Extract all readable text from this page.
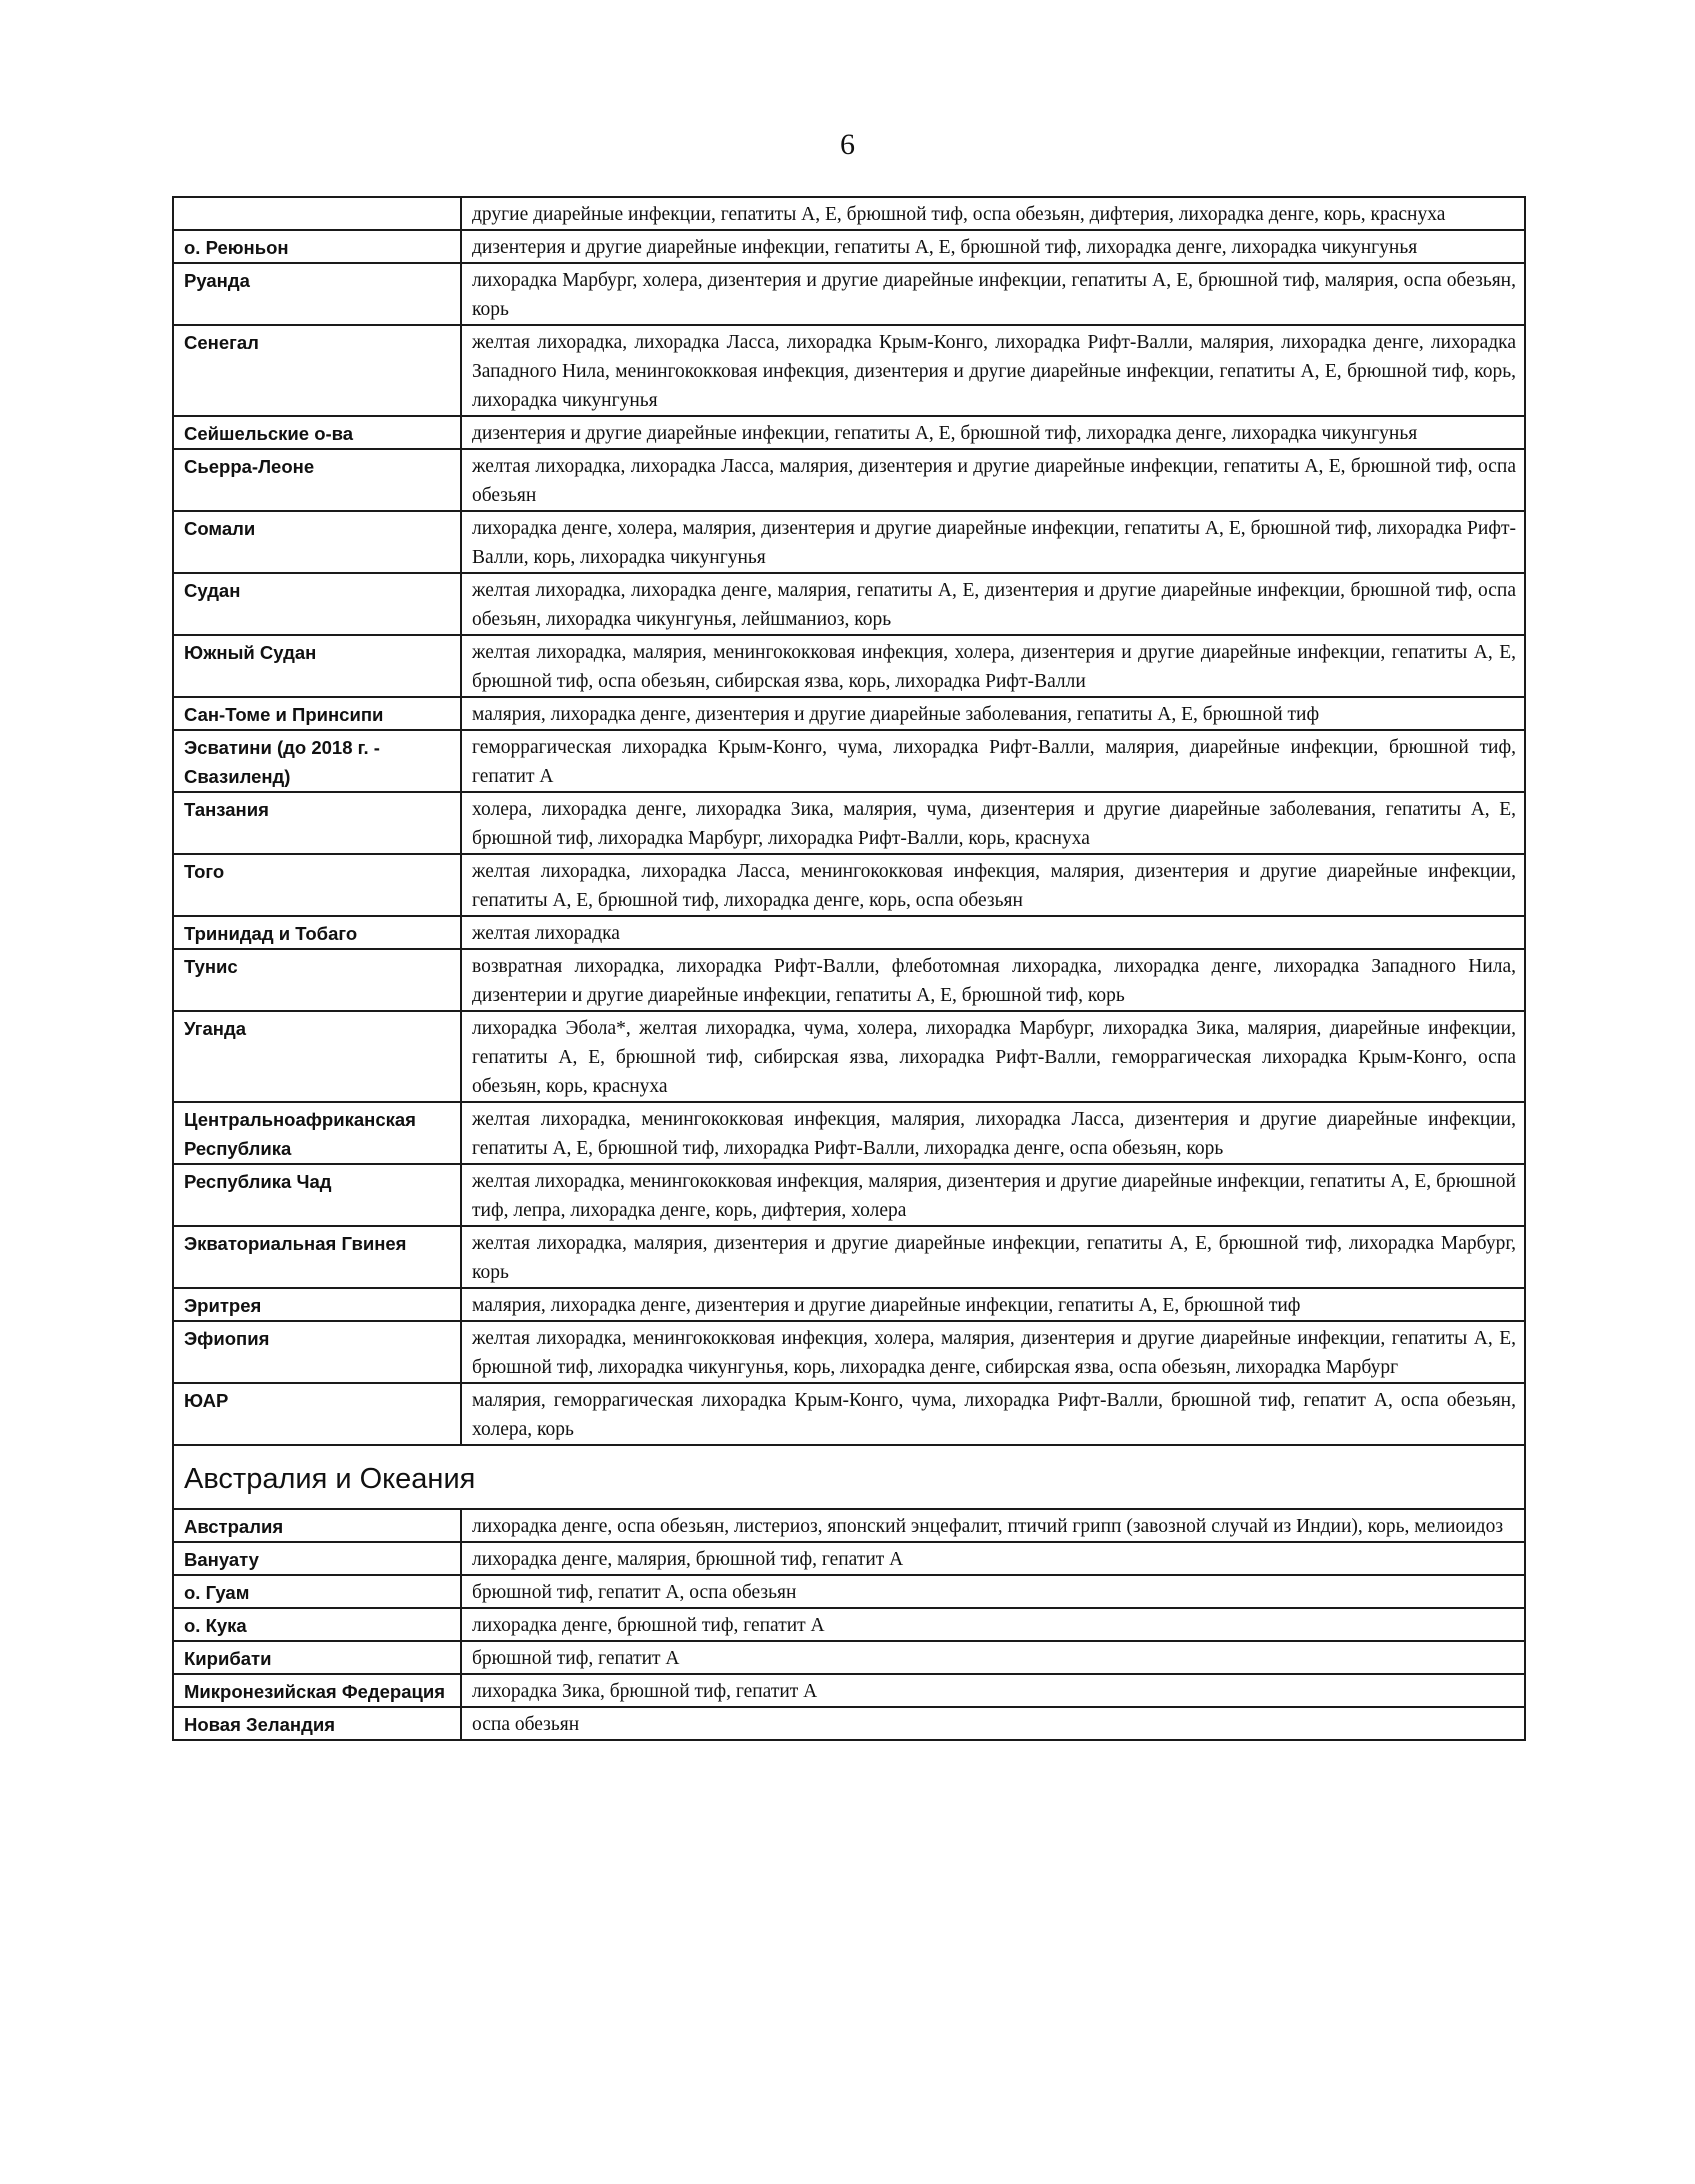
6
	другие диарейные инфекции, гепатиты А, Е, брюшной тиф, оспа обезьян, дифтерия, лихорадка денге, корь, краснуха
о. Реюньон	дизентерия и другие диарейные инфекции, гепатиты А, Е, брюшной тиф, лихорадка денге, лихорадка чикунгунья
Руанда	лихорадка Марбург, холера, дизентерия и другие диарейные инфекции, гепатиты А, Е, брюшной тиф, малярия, оспа обезьян, корь
Сенегал	желтая лихорадка, лихорадка Ласса, лихорадка Крым-Конго, лихорадка Рифт-Валли, малярия, лихорадка денге, лихорадка Западного Нила, менингококковая инфекция, дизентерия и другие диарейные инфекции, гепатиты А, Е, брюшной тиф, корь, лихорадка чикунгунья
Сейшельские о-ва	дизентерия и другие диарейные инфекции, гепатиты А, Е, брюшной тиф, лихорадка денге, лихорадка чикунгунья
Сьерра-Леоне	желтая лихорадка, лихорадка Ласса, малярия, дизентерия и другие диарейные инфекции, гепатиты А, Е, брюшной тиф, оспа обезьян
Сомали	лихорадка денге, холера, малярия, дизентерия и другие диарейные инфекции, гепатиты А, Е, брюшной тиф, лихорадка Рифт-Валли, корь, лихорадка чикунгунья
Судан	желтая лихорадка, лихорадка денге, малярия, гепатиты А, Е, дизентерия и другие диарейные инфекции, брюшной тиф, оспа обезьян, лихорадка чикунгунья, лейшманиоз, корь
Южный Судан	желтая лихорадка, малярия, менингококковая инфекция, холера, дизентерия и другие диарейные инфекции, гепатиты А, Е, брюшной тиф, оспа обезьян, сибирская язва, корь, лихорадка Рифт-Валли
Сан-Томе и Принсипи	малярия, лихорадка денге, дизентерия и другие диарейные заболевания, гепатиты А, Е, брюшной тиф
Эсватини (до 2018 г. - Свазиленд)	геморрагическая лихорадка Крым-Конго, чума, лихорадка Рифт-Валли, малярия, диарейные инфекции, брюшной тиф, гепатит А
Танзания	холера, лихорадка денге, лихорадка Зика, малярия, чума, дизентерия и другие диарейные заболевания, гепатиты А, Е, брюшной тиф, лихорадка Марбург, лихорадка Рифт-Валли, корь, краснуха
Того	желтая лихорадка, лихорадка Ласса, менингококковая инфекция, малярия, дизентерия и другие диарейные инфекции, гепатиты А, Е, брюшной тиф, лихорадка денге, корь, оспа обезьян
Тринидад и Тобаго	желтая лихорадка
Тунис	возвратная лихорадка, лихорадка Рифт-Валли, флеботомная лихорадка, лихорадка денге, лихорадка Западного Нила, дизентерии и другие диарейные инфекции, гепатиты А, Е, брюшной тиф, корь
Уганда	лихорадка Эбола*, желтая лихорадка, чума, холера, лихорадка Марбург, лихорадка Зика, малярия, диарейные инфекции, гепатиты А, Е, брюшной тиф, сибирская язва, лихорадка Рифт-Валли, геморрагическая лихорадка Крым-Конго, оспа обезьян, корь, краснуха
Центральноафриканская Республика	желтая лихорадка, менингококковая инфекция, малярия, лихорадка Ласса, дизентерия и другие диарейные инфекции, гепатиты А, Е, брюшной тиф, лихорадка Рифт-Валли, лихорадка денге, оспа обезьян, корь
Республика Чад	желтая лихорадка, менингококковая инфекция, малярия, дизентерия и другие диарейные инфекции, гепатиты А, Е, брюшной тиф, лепра, лихорадка денге, корь, дифтерия, холера
Экваториальная Гвинея	желтая лихорадка, малярия, дизентерия и другие диарейные инфекции, гепатиты А, Е, брюшной тиф, лихорадка Марбург, корь
Эритрея	малярия, лихорадка денге, дизентерия и другие диарейные инфекции, гепатиты А, Е, брюшной тиф
Эфиопия	желтая лихорадка, менингококковая инфекция, холера, малярия, дизентерия и другие диарейные инфекции, гепатиты А, Е, брюшной тиф, лихорадка чикунгунья, корь, лихорадка денге, сибирская язва, оспа обезьян, лихорадка Марбург
ЮАР	малярия, геморрагическая лихорадка Крым-Конго, чума, лихорадка Рифт-Валли, брюшной тиф, гепатит А, оспа обезьян, холера, корь
Австралия и Океания	
Австралия	лихорадка денге, оспа обезьян, листериоз, японский энцефалит, птичий грипп (завозной случай из Индии), корь, мелиоидоз
Вануату	лихорадка денге, малярия, брюшной тиф, гепатит А
о. Гуам	брюшной тиф, гепатит А, оспа обезьян
о. Кука	лихорадка денге, брюшной тиф, гепатит А
Кирибати	брюшной тиф, гепатит А
Микронезийская Федерация	лихорадка Зика, брюшной тиф, гепатит А
Новая Зеландия	оспа обезьян
